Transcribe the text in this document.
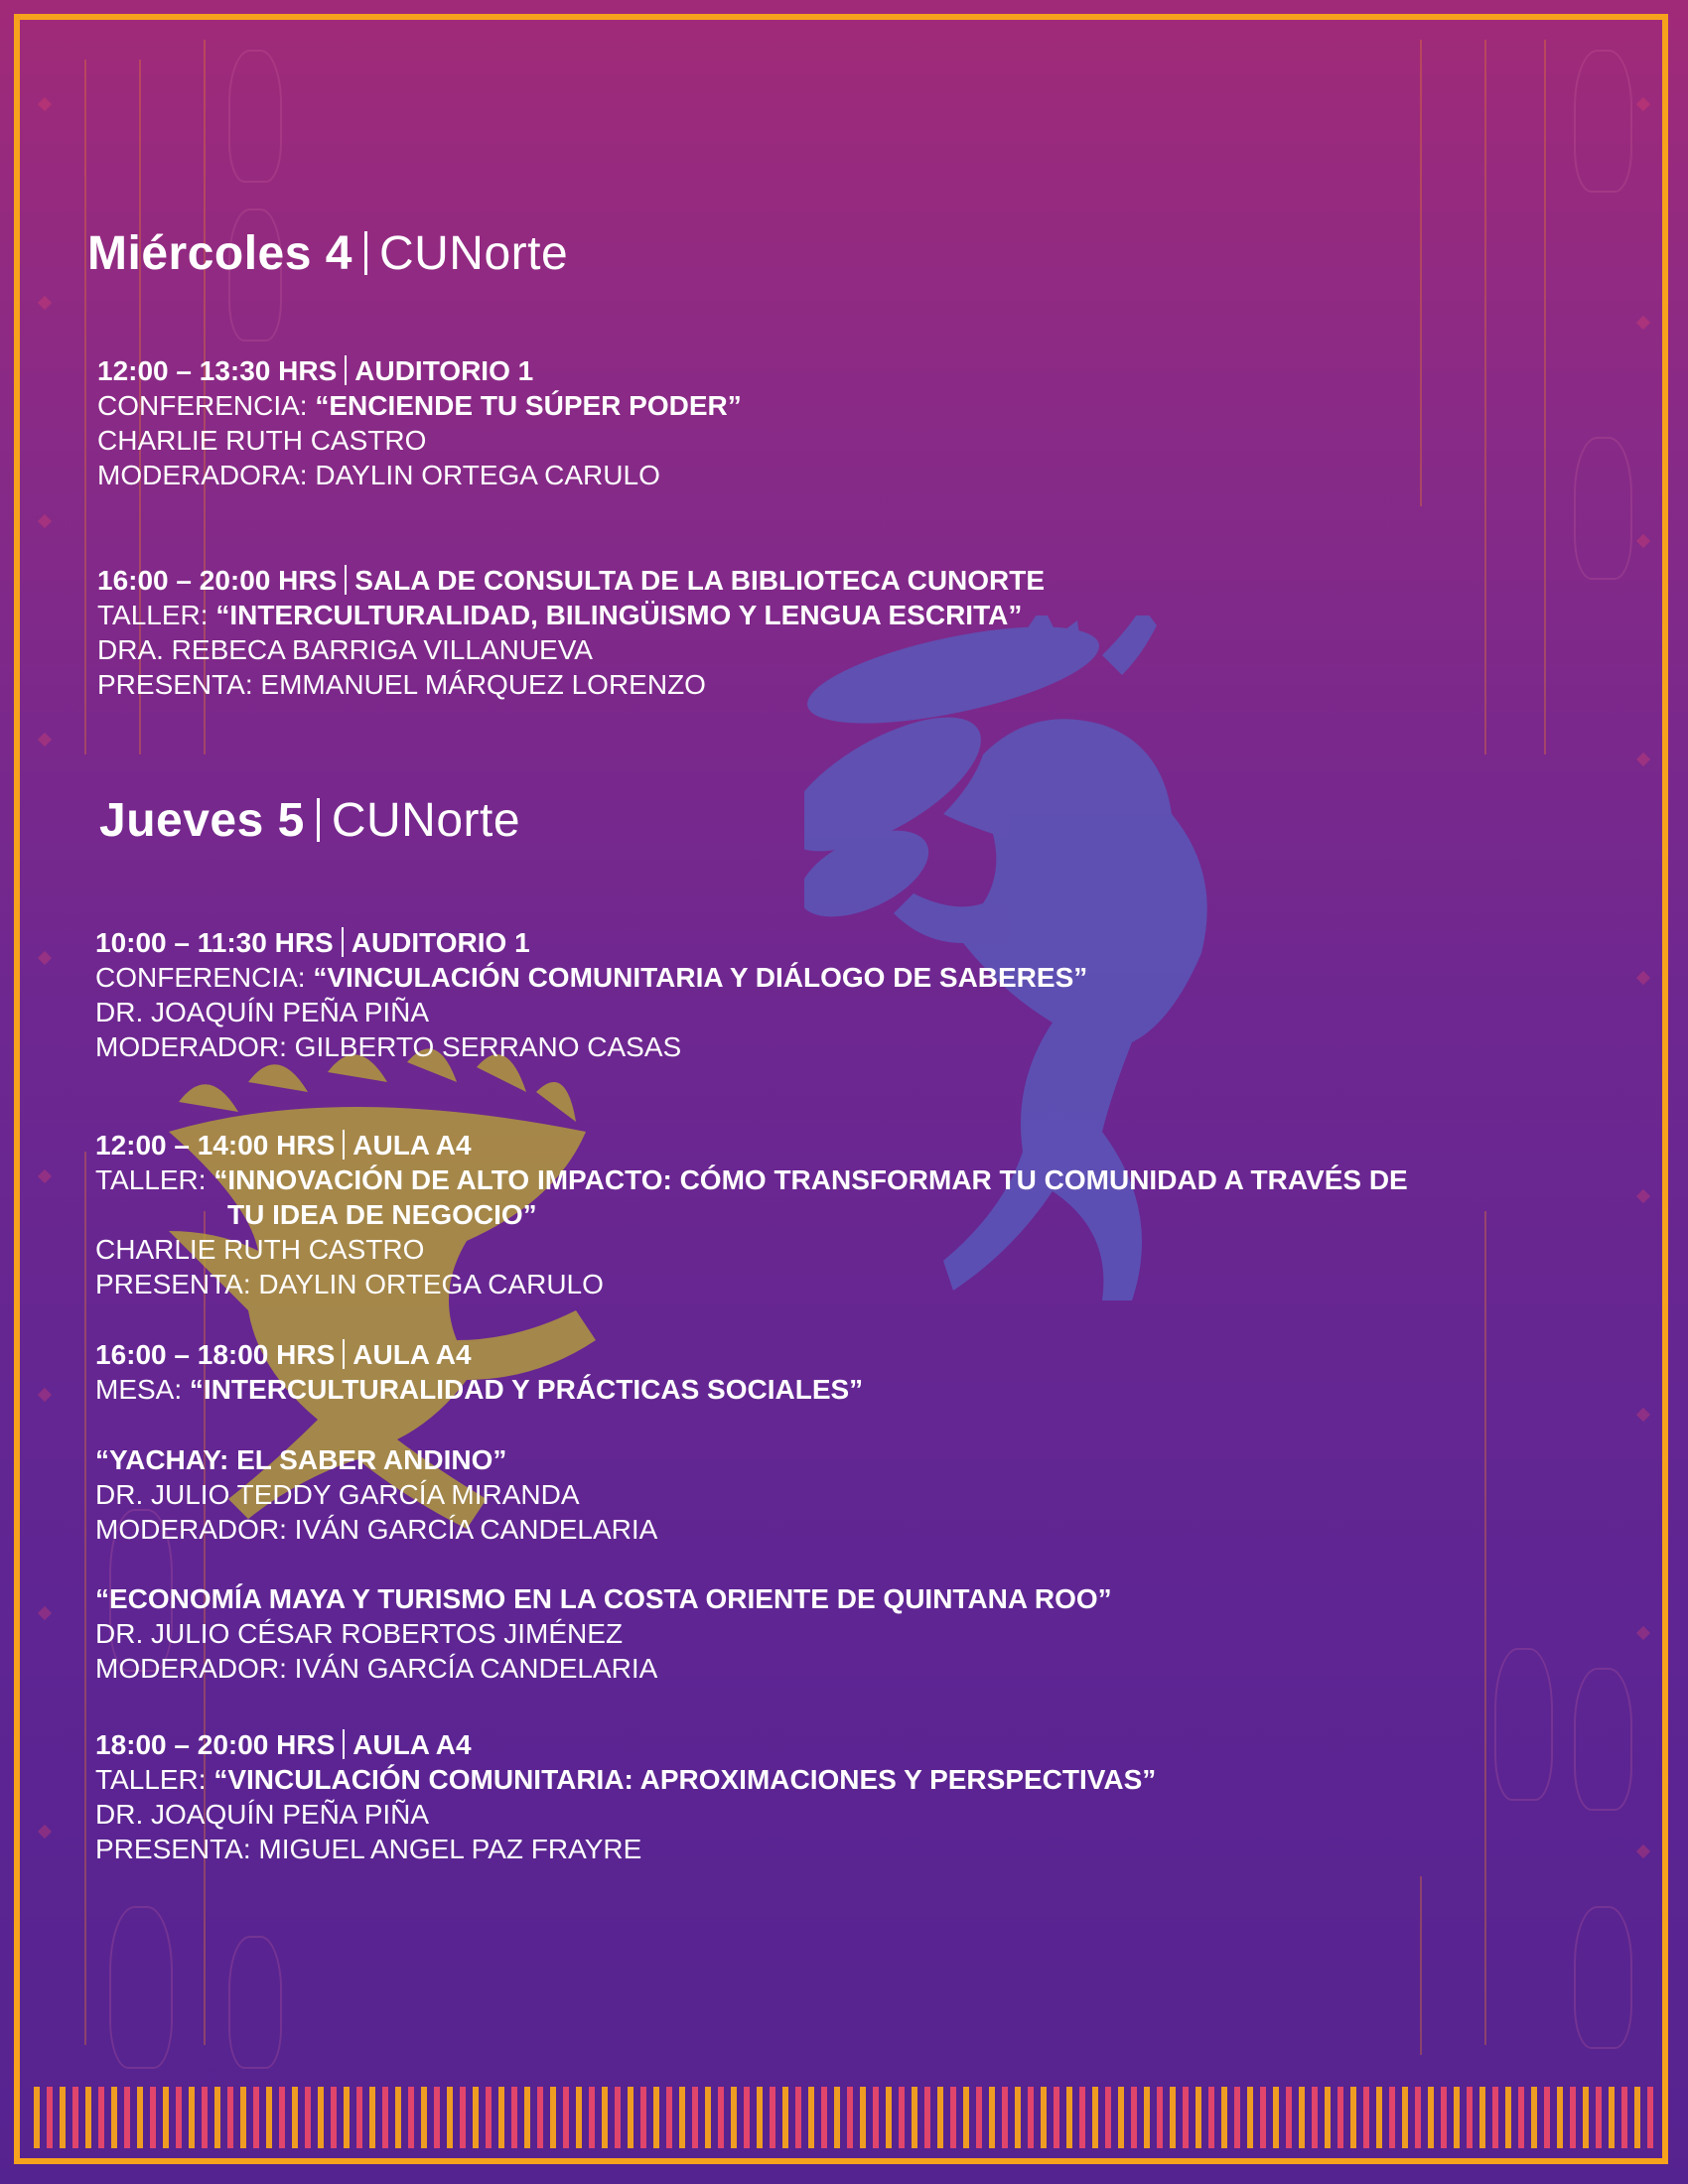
Miércoles 4 CUNorte
12:00 – 13:30 HRS AUDITORIO 1
CONFERENCIA: “ENCIENDE TU SÚPER PODER”
CHARLIE RUTH CASTRO
MODERADORA: DAYLIN ORTEGA CARULO
16:00 – 20:00 HRS SALA DE CONSULTA DE LA BIBLIOTECA CUNORTE
TALLER: “INTERCULTURALIDAD, BILINGÜISMO Y LENGUA ESCRITA”
DRA. REBECA BARRIGA VILLANUEVA
PRESENTA: EMMANUEL MÁRQUEZ LORENZO
Jueves 5 CUNorte
10:00 – 11:30 HRS AUDITORIO 1
CONFERENCIA: “VINCULACIÓN COMUNITARIA Y DIÁLOGO DE SABERES”
DR. JOAQUÍN PEÑA PIÑA
MODERADOR: GILBERTO SERRANO CASAS
12:00 – 14:00 HRS AULA A4
TALLER: “INNOVACIÓN DE ALTO IMPACTO: CÓMO TRANSFORMAR TU COMUNIDAD A TRAVÉS DE
TU IDEA DE NEGOCIO”
CHARLIE RUTH CASTRO
PRESENTA: DAYLIN ORTEGA CARULO
16:00 – 18:00 HRS AULA A4
MESA: “INTERCULTURALIDAD Y PRÁCTICAS SOCIALES”
“YACHAY: EL SABER ANDINO”
DR. JULIO TEDDY GARCÍA MIRANDA
MODERADOR: IVÁN GARCÍA CANDELARIA
“ECONOMÍA MAYA Y TURISMO EN LA COSTA ORIENTE DE QUINTANA ROO”
DR. JULIO CÉSAR ROBERTOS JIMÉNEZ
MODERADOR: IVÁN GARCÍA CANDELARIA
18:00 – 20:00 HRS AULA A4
TALLER: “VINCULACIÓN COMUNITARIA: APROXIMACIONES Y PERSPECTIVAS”
DR. JOAQUÍN PEÑA PIÑA
PRESENTA: MIGUEL ANGEL PAZ FRAYRE
